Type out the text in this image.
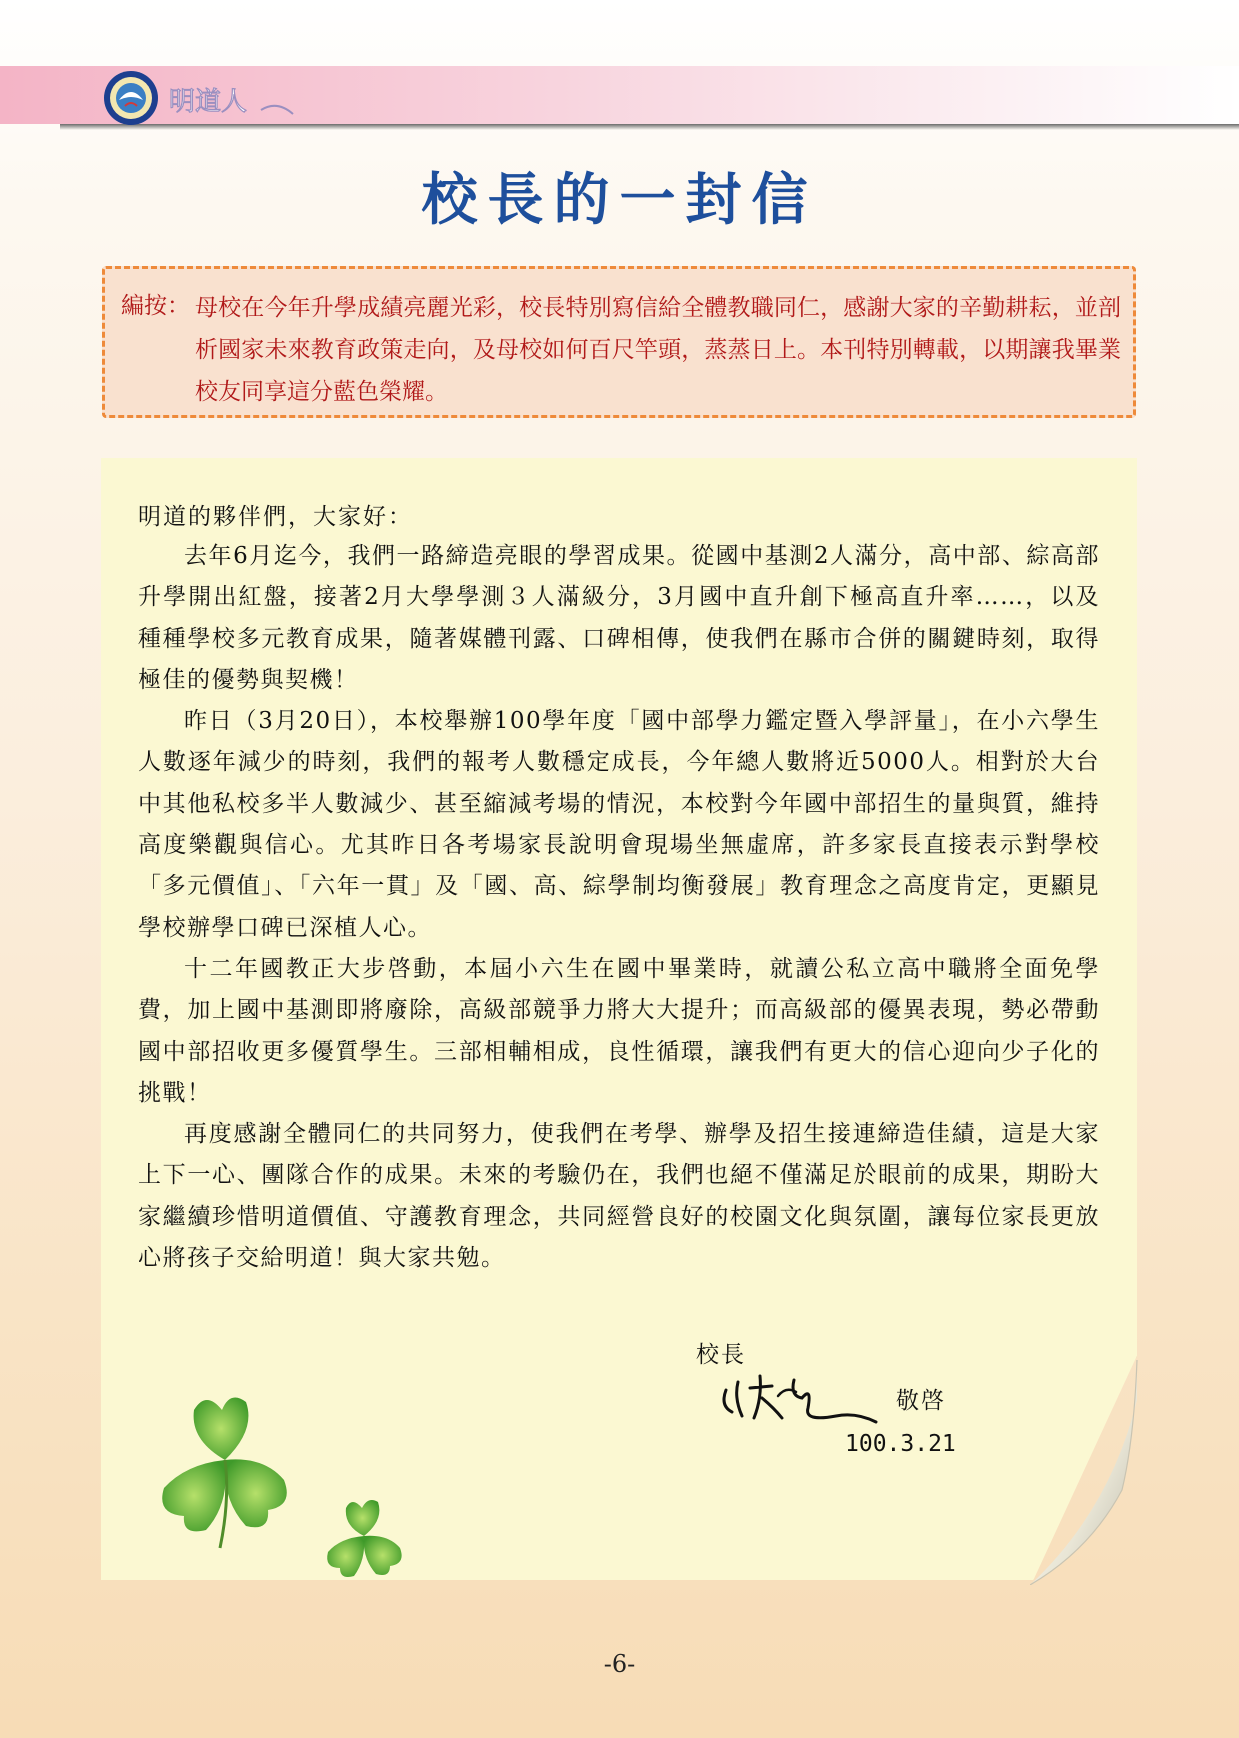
明道人
校長的一封信
編按： 母校在今年升學成績亮麗光彩，校長特別寫信給全體教職同仁，感謝大家的辛勤耕耘，並剖析國家未來教育政策走向，及母校如何百尺竿頭，蒸蒸日上。本刊特別轉載，以期讓我畢業校友同享這分藍色榮耀。
明道的夥伴們，大家好：

去年6月迄今，我們一路締造亮眼的學習成果。從國中基測2人滿分，高中部、綜高部升學開出紅盤，接著2月大學學測３人滿級分，3月國中直升創下極高直升率……，以及種種學校多元教育成果，隨著媒體刊露、口碑相傳，使我們在縣市合併的關鍵時刻，取得極佳的優勢與契機！

昨日（3月20日），本校舉辦100學年度「國中部學力鑑定暨入學評量」，在小六學生人數逐年減少的時刻，我們的報考人數穩定成長，今年總人數將近5000人。相對於大台中其他私校多半人數減少、甚至縮減考場的情況，本校對今年國中部招生的量與質，維持高度樂觀與信心。尤其昨日各考場家長說明會現場坐無虛席，許多家長直接表示對學校「多元價值」、「六年一貫」及「國、高、綜學制均衡發展」教育理念之高度肯定，更顯見學校辦學口碑已深植人心。

十二年國教正大步啓動，本屆小六生在國中畢業時，就讀公私立高中職將全面免學費，加上國中基測即將廢除，高級部競爭力將大大提升；而高級部的優異表現，勢必帶動國中部招收更多優質學生。三部相輔相成，良性循環，讓我們有更大的信心迎向少子化的挑戰！

再度感謝全體同仁的共同努力，使我們在考學、辦學及招生接連締造佳績，這是大家上下一心、團隊合作的成果。未來的考驗仍在，我們也絕不僅滿足於眼前的成果，期盼大家繼續珍惜明道價值、守護教育理念，共同經營良好的校園文化與氛圍，讓每位家長更放心將孩子交給明道！與大家共勉。

校長
敬啓
100.3.21
-6-
